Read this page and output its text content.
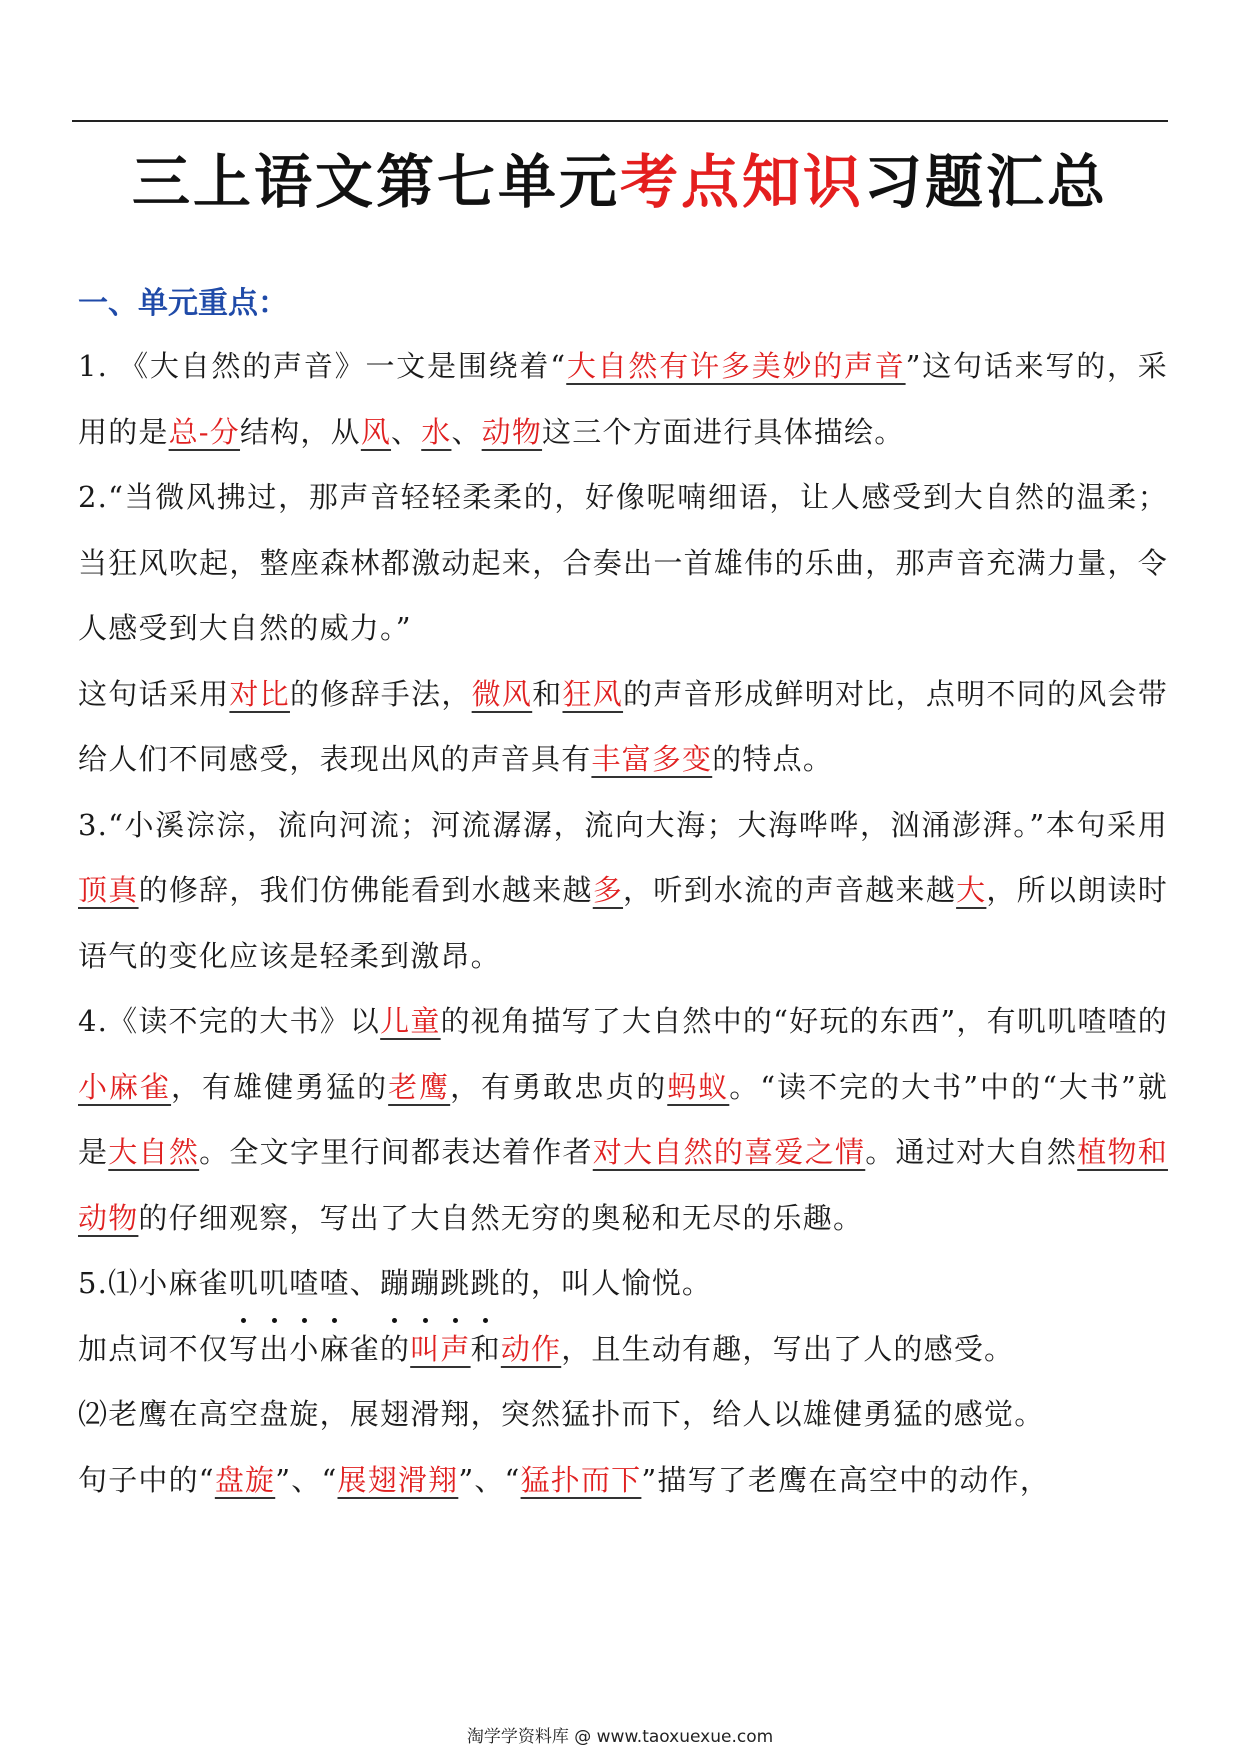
三上语文第七单元考点知识习题汇总
一、单元重点：

1. 《大自然的声音》一文是围绕着“大自然有许多美妙的声音”这句话来写的，采用的是总-分结构，从风、水、动物这三个方面进行具体描绘。

2.“当微风拂过，那声音轻轻柔柔的，好像呢喃细语，让人感受到大自然的温柔；当狂风吹起，整座森林都激动起来，合奏出一首雄伟的乐曲，那声音充满力量，令人感受到大自然的威力。”

这句话采用对比的修辞手法，微风和狂风的声音形成鲜明对比，点明不同的风会带给人们不同感受，表现出风的声音具有丰富多变的特点。

3.“小溪淙淙，流向河流；河流潺潺，流向大海；大海哗哗，汹涌澎湃。”本句采用顶真的修辞，我们仿佛能看到水越来越多，听到水流的声音越来越大，所以朗读时语气的变化应该是轻柔到激昂。

4.《读不完的大书》以儿童的视角描写了大自然中的“好玩的东西”，有叽叽喳喳的小麻雀，有雄健勇猛的老鹰，有勇敢忠贞的蚂蚁。“读不完的大书”中的“大书”就是大自然。全文字里行间都表达着作者对大自然的喜爱之情。通过对大自然植物和动物的仔细观察，写出了大自然无穷的奥秘和无尽的乐趣。

5.⑴小麻雀叽叽喳喳、蹦蹦跳跳的，叫人愉悦。

加点词不仅写出小麻雀的叫声和动作，且生动有趣，写出了人的感受。

⑵老鹰在高空盘旋，展翅滑翔，突然猛扑而下，给人以雄健勇猛的感觉。

句子中的“盘旋”、“展翅滑翔”、“猛扑而下”描写了老鹰在高空中的动作，

淘学学资料库 @ www.taoxuexue.com
